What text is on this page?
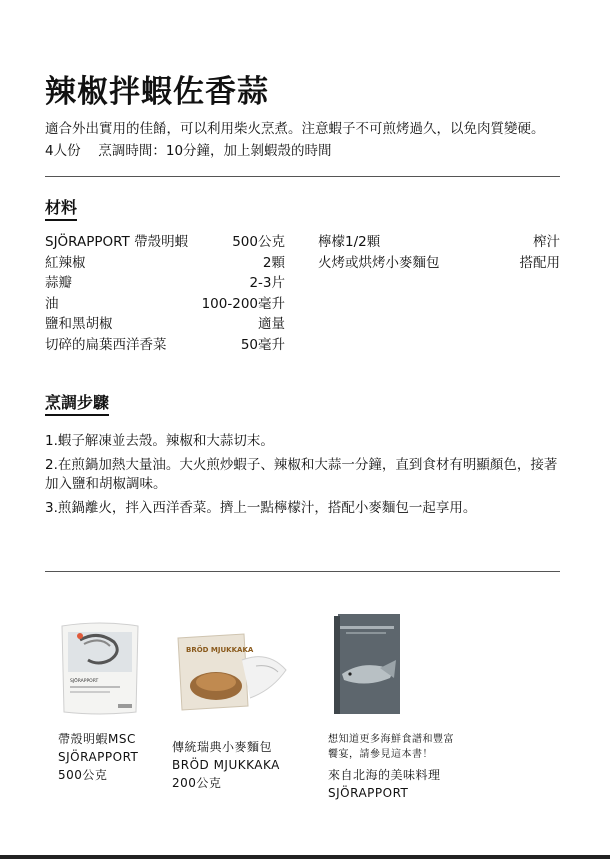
辣椒拌蝦佐香蒜
適合外出實用的佳餚，可以利用柴火烹煮。注意蝦子不可煎烤過久，以免肉質變硬。
4人份　 烹調時間：10分鐘，加上剝蝦殼的時間
材料
SJÖRAPPORT 帶殼明蝦	500公克
紅辣椒	2顆
蒜瓣	2-3片
油	100-200毫升
鹽和黑胡椒	適量
切碎的扁葉西洋香菜	50毫升
檸檬1/2顆	榨汁
火烤或烘烤小麥麵包	搭配用
烹調步驟
1.蝦子解凍並去殼。辣椒和大蒜切末。
2.在煎鍋加熱大量油。大火煎炒蝦子、辣椒和大蒜一分鐘，直到食材有明顯顏色，接著加入鹽和胡椒調味。
3.煎鍋離火，拌入西洋香菜。擠上一點檸檬汁，搭配小麥麵包一起享用。
SJÖRAPPORT
帶殼明蝦MSC
SJÖRAPPORT
500公克
BRÖD MJUKKAKA
傳統瑞典小麥麵包
BRÖD MJUKKAKA
200公克
想知道更多海鮮食譜和豐富
饗宴，請參見這本書！
來自北海的美味料理
SJÖRAPPORT
